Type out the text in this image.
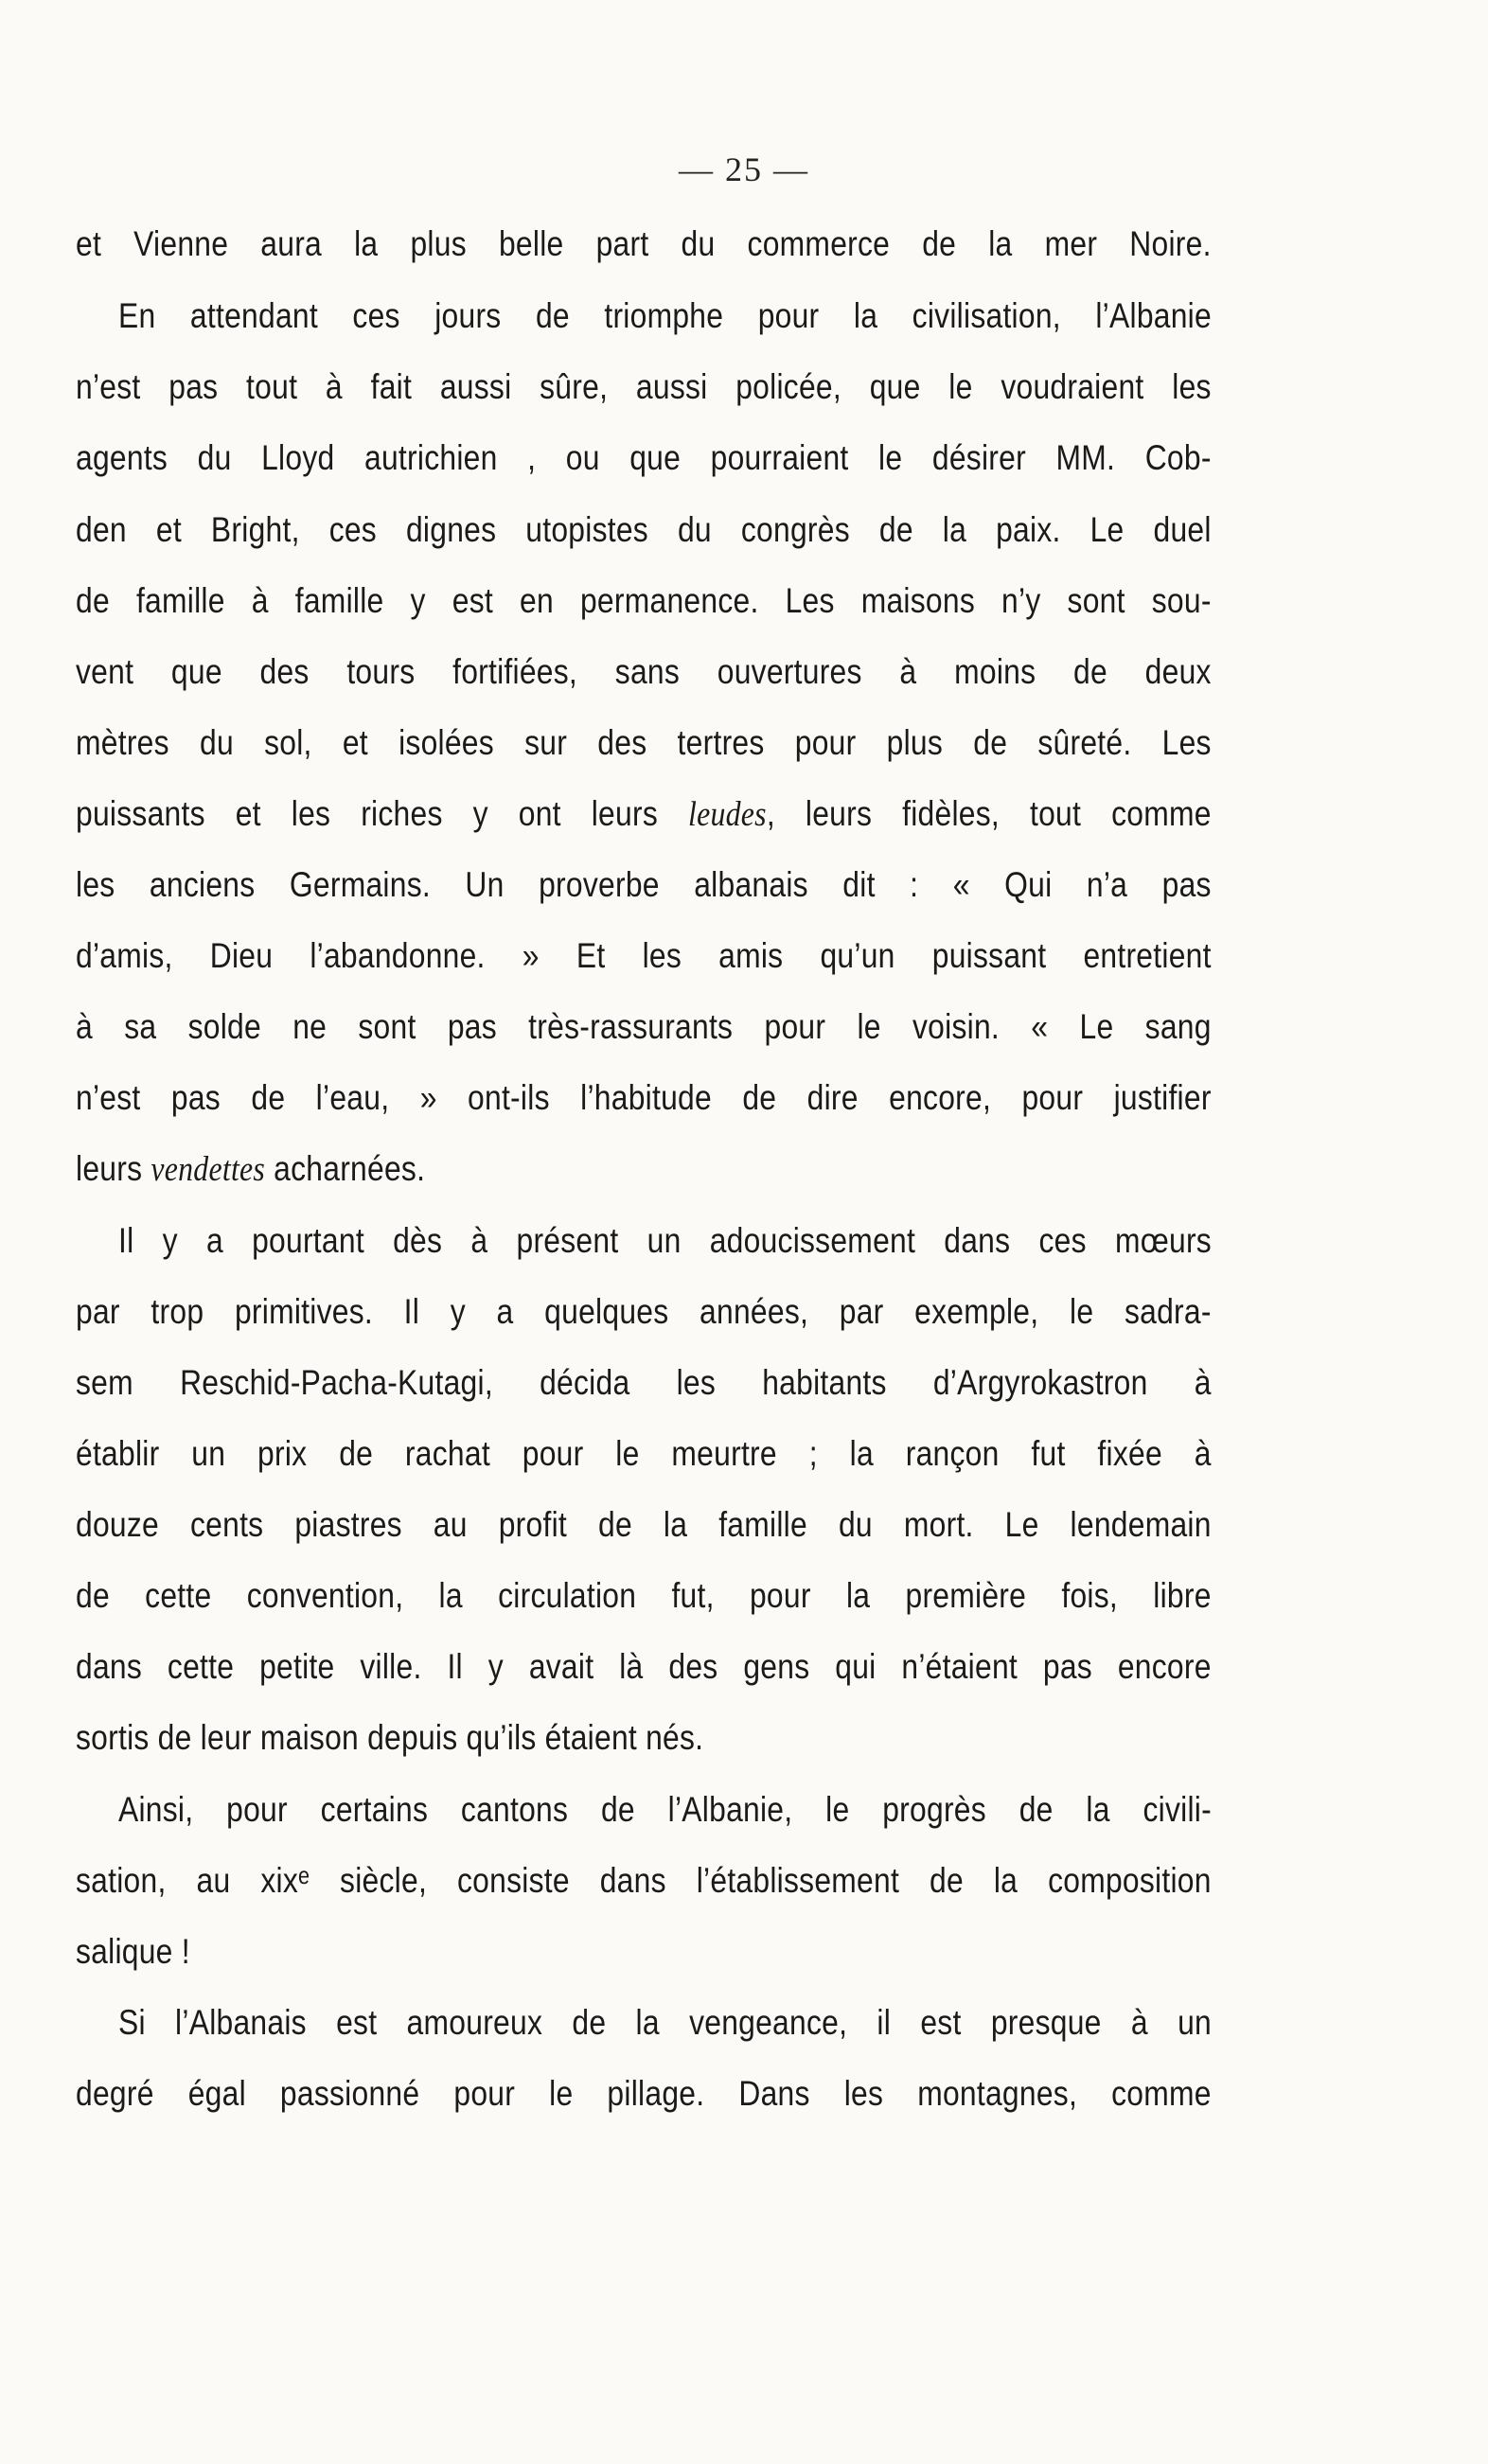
— 25 —
et Vienne aura la plus belle part du commerce de la mer Noire.
En attendant ces jours de triomphe pour la civilisation, l’Albanie
n’est pas tout à fait aussi sûre, aussi policée, que le voudraient les
agents du Lloyd autrichien , ou que pourraient le désirer MM. Cob-
den et Bright, ces dignes utopistes du congrès de la paix. Le duel
de famille à famille y est en permanence. Les maisons n’y sont sou-
vent que des tours fortifiées, sans ouvertures à moins de deux
mètres du sol, et isolées sur des tertres pour plus de sûreté. Les
puissants et les riches y ont leurs leudes, leurs fidèles, tout comme
les anciens Germains. Un proverbe albanais dit : « Qui n’a pas
d’amis, Dieu l’abandonne. » Et les amis qu’un puissant entretient
à sa solde ne sont pas très-rassurants pour le voisin. « Le sang
n’est pas de l’eau, » ont-ils l’habitude de dire encore, pour justifier
leurs vendettes acharnées.
Il y a pourtant dès à présent un adoucissement dans ces mœurs
par trop primitives. Il y a quelques années, par exemple, le sadra-
sem Reschid-Pacha-Kutagi, décida les habitants d’Argyrokastron à
établir un prix de rachat pour le meurtre ; la rançon fut fixée à
douze cents piastres au profit de la famille du mort. Le lendemain
de cette convention, la circulation fut, pour la première fois, libre
dans cette petite ville. Il y avait là des gens qui n’étaient pas encore
sortis de leur maison depuis qu’ils étaient nés.
Ainsi, pour certains cantons de l’Albanie, le progrès de la civili-
sation, au xixᵉ siècle, consiste dans l’établissement de la composition
salique !
Si l’Albanais est amoureux de la vengeance, il est presque à un
degré égal passionné pour le pillage. Dans les montagnes, comme
